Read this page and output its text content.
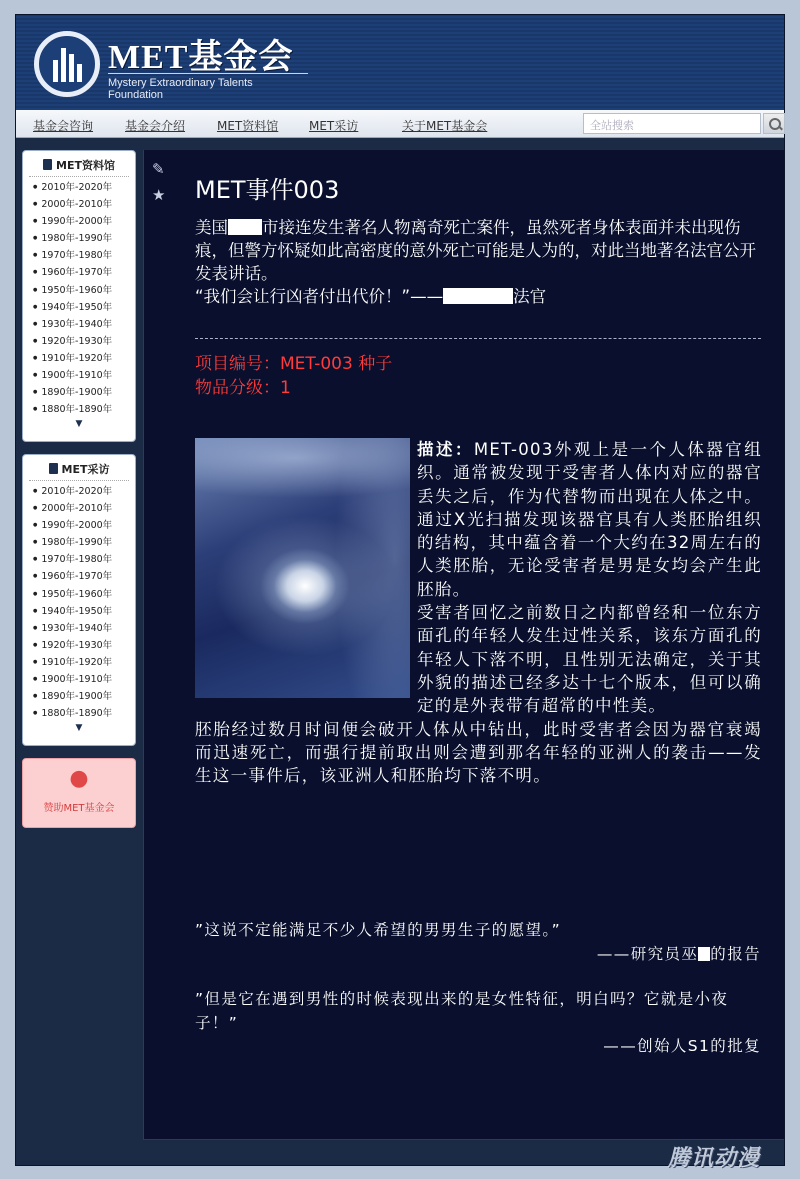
MET基金会
Mystery Extraordinary Talents Foundation
基金会咨询	基金会介绍	MET资料馆	MET采访	关于MET基金会	全站搜索
MET资料馆
● 2010年-2020年
● 2000年-2010年
● 1990年-2000年
● 1980年-1990年
● 1970年-1980年
● 1960年-1970年
● 1950年-1960年
● 1940年-1950年
● 1930年-1940年
● 1920年-1930年
● 1910年-1920年
● 1900年-1910年
● 1890年-1900年
● 1880年-1890年
▼
MET采访
● 2010年-2020年
● 2000年-2010年
● 1990年-2000年
● 1980年-1990年
● 1970年-1980年
● 1960年-1970年
● 1950年-1960年
● 1940年-1950年
● 1930年-1940年
● 1920年-1930年
● 1910年-1920年
● 1900年-1910年
● 1890年-1900年
● 1880年-1890年
▼
●
赞助MET基金会
✎
★ MET事件003
美国 市接连发生著名人物离奇死亡案件，虽然死者身体表面并未出现伤痕，但警方怀疑如此高密度的意外死亡可能是人为的，对此当地著名法官公开发表讲话。
“我们会让行凶者付出代价！”——	法官
项目编号：MET-003 种子
物品分级：1

描述：MET-003外观上是一个人体器官组织。通常被发现于受害者人体内对应的器官丢失之后，作为代替物而出现在人体之中。通过X光扫描发现该器官具有人类胚胎组织的结构，其中蕴含着一个大约在32周左右的人类胚胎，无论受害者是男是女均会产生此胚胎。

受害者回忆之前数日之内都曾经和一位东方面孔的年轻人发生过性关系，该东方面孔的年轻人下落不明，且性别无法确定，关于其外貌的描述已经多达十七个版本，但可以确定的是外表带有超常的中性美。

胚胎经过数月时间便会破开人体从中钻出，此时受害者会因为器官衰竭而迅速死亡，而强行提前取出则会遭到那名年轻的亚洲人的袭击——发生这一事件后，该亚洲人和胚胎均下落不明。

”这说不定能满足不少人希望的男男生子的愿望。”
——研究员巫 的报告
”但是它在遇到男性的时候表现出来的是女性特征，明白吗？它就是小夜子！”
——创始人S1的批复
腾讯动漫
